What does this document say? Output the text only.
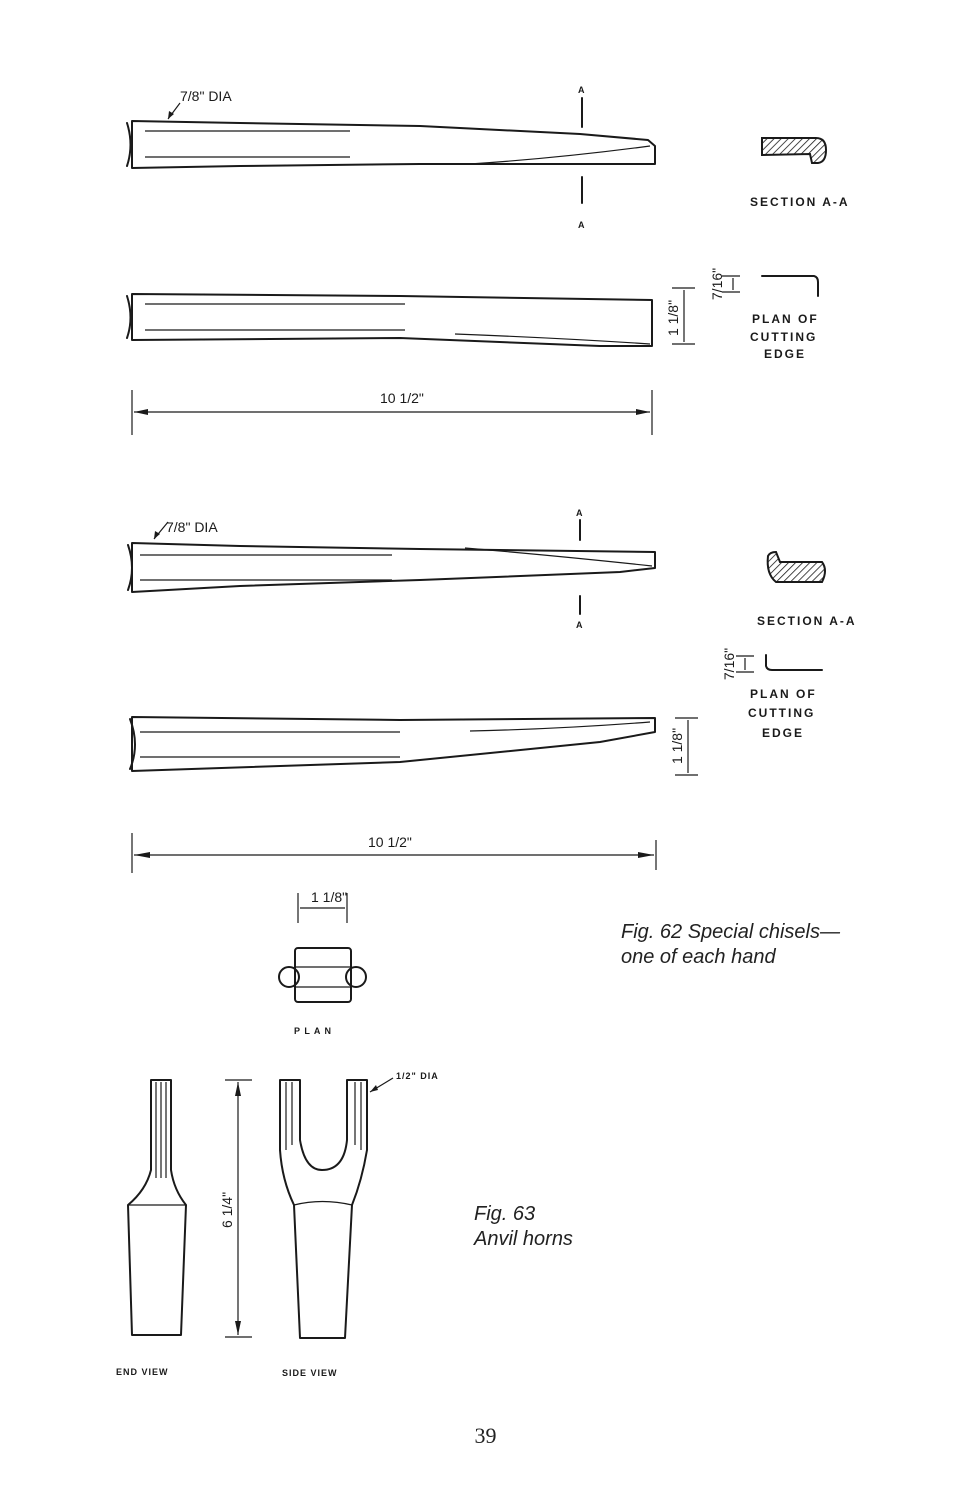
A
A
7/8" DIA
SECTION A-A
1 1/8"
7/16"
PLAN OF
CUTTING
EDGE
10 1/2"
A
A
7/8" DIA
SECTION A-A
7/16"
PLAN OF
CUTTING
EDGE
1 1/8"
10 1/2"
1 1/8"
P L A N
END VIEW
6 1/4"
1/2" DIA
SIDE VIEW
Fig. 62 Special chisels—
one of each hand
Fig. 63
Anvil horns
39
